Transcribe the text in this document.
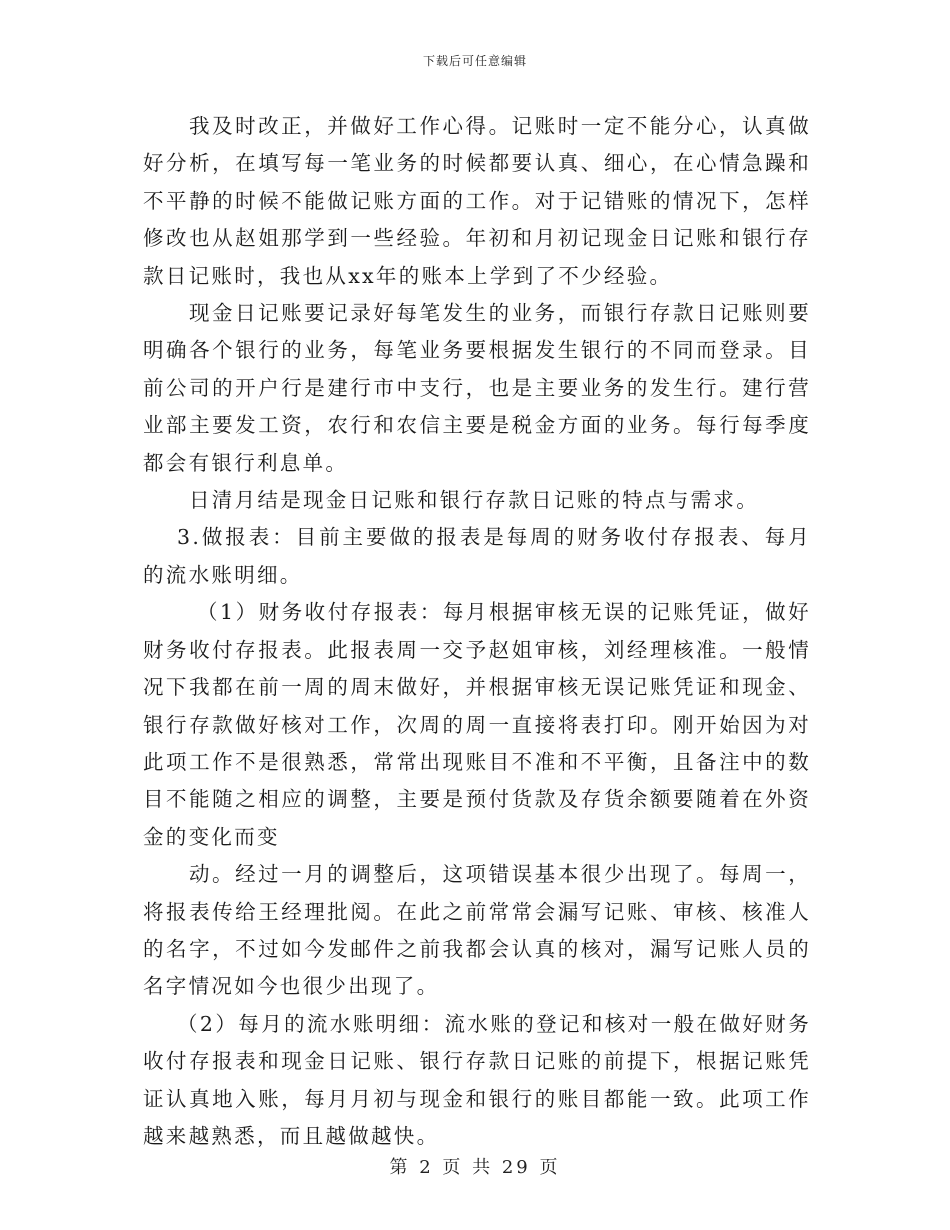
下载后可任意编辑

我及时改正，并做好工作心得。记账时一定不能分心，认真做好分析，在填写每一笔业务的时候都要认真、细心，在心情急躁和不平静的时候不能做记账方面的工作。对于记错账的情况下，怎样修改也从赵姐那学到一些经验。年初和月初记现金日记账和银行存款日记账时，我也从xx年的账本上学到了不少经验。

现金日记账要记录好每笔发生的业务，而银行存款日记账则要明确各个银行的业务，每笔业务要根据发生银行的不同而登录。目前公司的开户行是建行市中支行，也是主要业务的发生行。建行营业部主要发工资，农行和农信主要是税金方面的业务。每行每季度都会有银行利息单。

日清月结是现金日记账和银行存款日记账的特点与需求。

3.做报表：目前主要做的报表是每周的财务收付存报表、每月的流水账明细。

（1）财务收付存报表：每月根据审核无误的记账凭证，做好财务收付存报表。此报表周一交予赵姐审核，刘经理核准。一般情况下我都在前一周的周末做好，并根据审核无误记账凭证和现金、银行存款做好核对工作，次周的周一直接将表打印。刚开始因为对此项工作不是很熟悉，常常出现账目不准和不平衡，且备注中的数目不能随之相应的调整，主要是预付货款及存货余额要随着在外资金的变化而变

动。经过一月的调整后，这项错误基本很少出现了。每周一，将报表传给王经理批阅。在此之前常常会漏写记账、审核、核准人的名字，不过如今发邮件之前我都会认真的核对，漏写记账人员的名字情况如今也很少出现了。

（2）每月的流水账明细：流水账的登记和核对一般在做好财务收付存报表和现金日记账、银行存款日记账的前提下，根据记账凭证认真地入账，每月月初与现金和银行的账目都能一致。此项工作越来越熟悉，而且越做越快。

第 2 页 共 29 页
